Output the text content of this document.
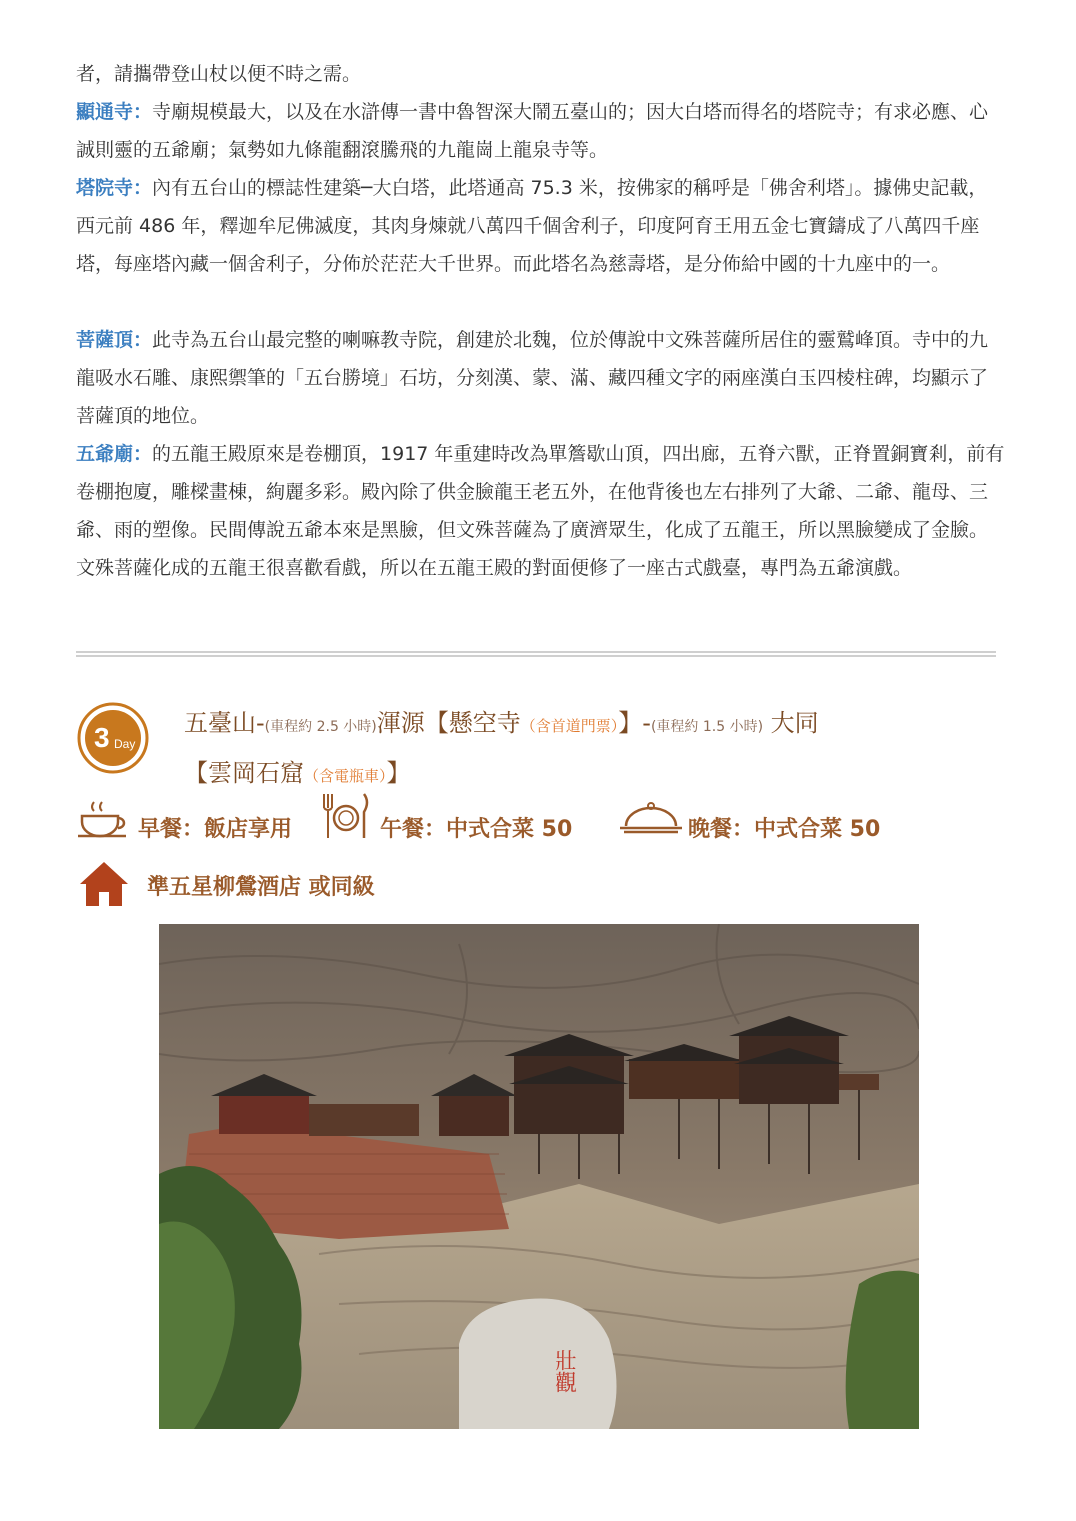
者，請攜帶登山杖以便不時之需。

顯通寺：寺廟規模最大，以及在水滸傳一書中魯智深大鬧五臺山的；因大白塔而得名的塔院寺；有求必應、心誠則靈的五爺廟；氣勢如九條龍翻滾騰飛的九龍崗上龍泉寺等。

塔院寺：內有五台山的標誌性建築─大白塔，此塔通高 75.3 米，按佛家的稱呼是「佛舍利塔」。據佛史記載，西元前 486 年，釋迦牟尼佛滅度，其肉身煉就八萬四千個舍利子，印度阿育王用五金七寶鑄成了八萬四千座塔，每座塔內藏一個舍利子，分佈於茫茫大千世界。而此塔名為慈壽塔，是分佈給中國的十九座中的一。

菩薩頂：此寺為五台山最完整的喇嘛教寺院，創建於北魏，位於傳說中文殊菩薩所居住的靈鷲峰頂。寺中的九龍吸水石雕、康熙禦筆的「五台勝境」石坊，分刻漢、蒙、滿、藏四種文字的兩座漢白玉四棱柱碑，均顯示了菩薩頂的地位。

五爺廟：的五龍王殿原來是卷棚頂，1917 年重建時改為單簷歇山頂，四出廊，五脊六獸，正脊置銅寶剎，前有卷棚抱廈，雕樑畫棟，絢麗多彩。殿內除了供金臉龍王老五外，在他背後也左右排列了大爺、二爺、龍母、三爺、雨的塑像。民間傳說五爺本來是黑臉，但文殊菩薩為了廣濟眾生，化成了五龍王，所以黑臉變成了金臉。文殊菩薩化成的五龍王很喜歡看戲，所以在五龍王殿的對面便修了一座古式戲臺，專門為五爺演戲。

3 Day
五臺山-(車程約 2.5 小時)渾源【懸空寺（含首道門票）】-(車程約 1.5 小時) 大同
【雲岡石窟（含電瓶車）】
早餐：飯店享用	午餐：中式合菜 50	晚餐：中式合菜 50
準五星柳鶯酒店 或同級
壯觀
